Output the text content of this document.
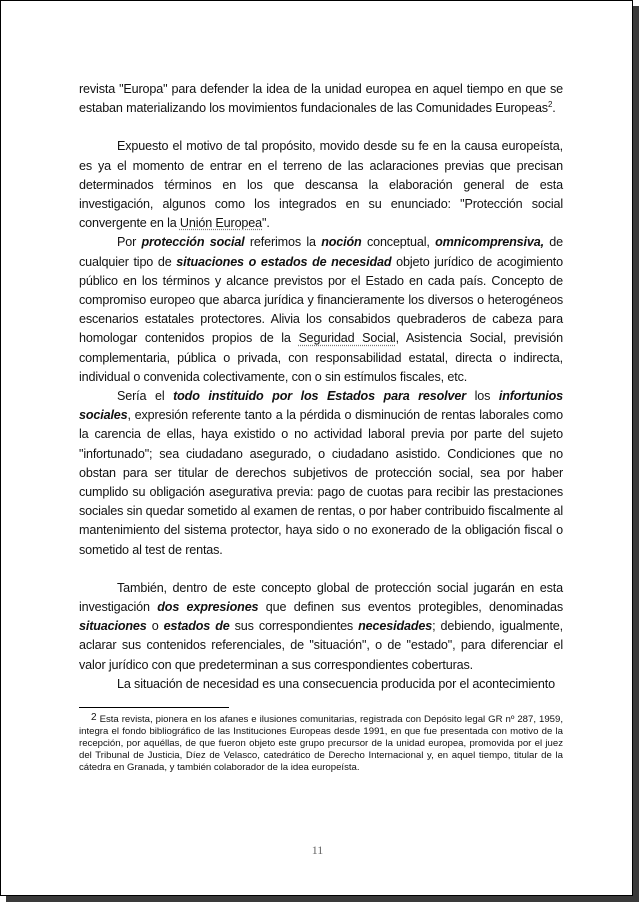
revista "Europa" para defender la idea de la unidad europea en aquel tiempo en que se estaban materializando los movimientos fundacionales de las Comunidades Europeas$^2$.

Expuesto el motivo de tal propósito, movido desde su fe en la causa europeísta, es ya el momento de entrar en el terreno de las aclaraciones previas que precisan determinados términos en los que descansa la elaboración general de esta investigación, algunos como los integrados en su enunciado: "Protección social convergente en la Unión Europea".

Por protección social referimos la noción conceptual, omnicomprensiva, de cualquier tipo de situaciones o estados de necesidad objeto jurídico de acogimiento público en los términos y alcance previstos por el Estado en cada país. Concepto de compromiso europeo que abarca jurídica y financieramente los diversos o heterogéneos escenarios estatales protectores. Alivia los consabidos quebraderos de cabeza para homologar contenidos propios de la Seguridad Social, Asistencia Social, previsión complementaria, pública o privada, con responsabilidad estatal, directa o indirecta, individual o convenida colectivamente, con o sin estímulos fiscales, etc.

Sería el todo instituido por los Estados para resolver los infortunios sociales, expresión referente tanto a la pérdida o disminución de rentas laborales como la carencia de ellas, haya existido o no actividad laboral previa por parte del sujeto "infortunado"; sea ciudadano asegurado, o ciudadano asistido. Condiciones que no obstan para ser titular de derechos subjetivos de protección social, sea por haber cumplido su obligación asegurativa previa: pago de cuotas para recibir las prestaciones sociales sin quedar sometido al examen de rentas, o por haber contribuido fiscalmente al mantenimiento del sistema protector, haya sido o no exonerado de la obligación fiscal o sometido al test de rentas.

También, dentro de este concepto global de protección social jugarán en esta investigación dos expresiones que definen sus eventos protegibles, denominadas situaciones o estados de sus correspondientes necesidades; debiendo, igualmente, aclarar sus contenidos referenciales, de "situación", o de "estado", para diferenciar el valor jurídico con que predeterminan a sus correspondientes coberturas.

La situación de necesidad es una consecuencia producida por el acontecimiento

2 Esta revista, pionera en los afanes e ilusiones comunitarias, registrada con Depósito legal GR nº 287, 1959, integra el fondo bibliográfico de las Instituciones Europeas desde 1991, en que fue presentada con motivo de la recepción, por aquéllas, de que fueron objeto este grupo precursor de la unidad europea, promovida por el juez del Tribunal de Justicia, Díez de Velasco, catedrático de Derecho Internacional y, en aquel tiempo, titular de la cátedra en Granada, y también colaborador de la idea europeísta.
11
